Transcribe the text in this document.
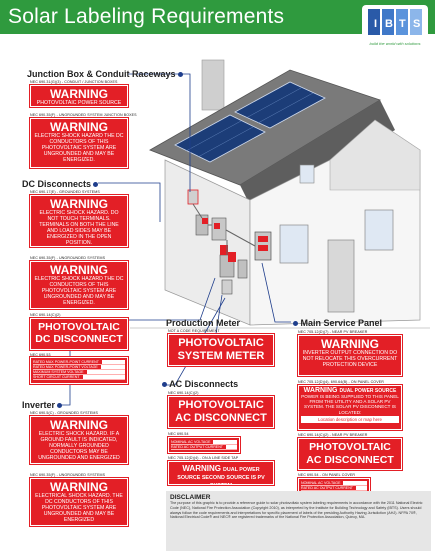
Solar Labeling Requirements	I B T S
build the world with solutions
Junction Box & Conduit Raceways
NEC 690.31(G)(3) - CONDUIT / JUNCTION BOXES
WARNING
PHOTOVOLTAIC POWER SOURCE
NEC 690.35(F) - UNGROUNDED SYSTEM JUNCTION BOXES
WARNING
ELECTRIC SHOCK HAZARD THE DC CONDUCTORS OF THIS PHOTOVOLTAIC SYSTEM ARE UNGROUNDED AND MAY BE ENERGIZED.
DC Disconnects
NEC 690.17(E) - GROUNDED SYSTEMS
WARNING
ELECTRIC SHOCK HAZARD. DO NOT TOUCH TERMINALS. TERMINALS ON BOTH THE LINE AND LOAD SIDES MAY BE ENERGIZED IN THE OPEN POSITION.
NEC 690.35(F) - UNGROUNDED SYSTEMS
WARNING
ELECTRIC SHOCK HAZARD THE DC CONDUCTORS OF THIS PHOTOVOLTAIC SYSTEM ARE UNGROUNDED AND MAY BE ENERGIZED.
NEC 690.14(C)(2)
PHOTOVOLTAIC DC DISCONNECT
NEC 690.53
RATED MAX POWER-POINT CURRENT
RATED MAX POWER-POINT VOLTAGE
MAXIMUM SYSTEM VOLTAGE
SHORT CIRCUIT CURRENT
Inverter
NEC 690.5(C) - GROUNDED SYSTEMS
WARNING
ELECTRIC SHOCK HAZARD. IF A GROUND FAULT IS INDICATED, NORMALLY GROUNDED CONDUCTORS MAY BE UNGROUNDED AND ENERGIZED
NEC 690.35(F) - UNGROUNDED SYSTEMS
WARNING
ELECTRICAL SHOCK HAZARD. THE DC CONDUCTORS OF THIS PHOTOVOLTAIC SYSTEM ARE UNGROUNDED AND MAY BE ENERGIZED
Production Meter
NOT A CODE REQUIREMENT
PHOTOVOLTAIC SYSTEM METER
AC Disconnects
NEC 690.14(C)(2)
PHOTOVOLTAIC AC DISCONNECT
NEC 690.54
NOMINAL AC VOLTAGE
RATED AC OUTPUT CURRENT
NEC 705.12(D)(4) - ON A LINE SIDE TAP
WARNING DUAL POWER SOURCE SECOND SOURCE IS PV SYSTEM
Main Service Panel
NEC 705.12(D)(7) - NEAR PV BREAKER
WARNING
INVERTER OUTPUT CONNECTION DO NOT RELOCATE THIS OVERCURRENT PROTECTION DEVICE
NEC 705.12(D)(4), 690.64(B) - ON PANEL COVER
WARNING DUAL POWER SOURCE
POWER IS BEING SUPPLIED TO THIS PANEL FROM THE UTILITY AND A SOLAR PV SYSTEM. THE SOLAR PV DISCONNECT IS LOCATED:
Location description or map here
NEC 690.14(C)(2) - NEAR PV BREAKER
PHOTOVOLTAIC AC DISCONNECT
NEC 690.54 - ON PANEL COVER
NOMINAL AC VOLTAGE
RATED AC OUTPUT CURRENT
DISCLAIMER
The purpose of this graphic is to provide a reference guide to solar photovoltaic system labeling requirements in accordance with the 2011 National Electric Code (NEC), National Fire Protection Association (Copyright 2010), as interpreted by the Institute for Building Technology and Safety (IBTS). Users should always follow the code requirements and interpretations for specific placement of labels of the presiding Authority Having Jurisdiction (AHJ). NFPA 70®, National Electrical Code® and NEC® are registered trademarks of the National Fire Protection Association, Quincy, MA.
